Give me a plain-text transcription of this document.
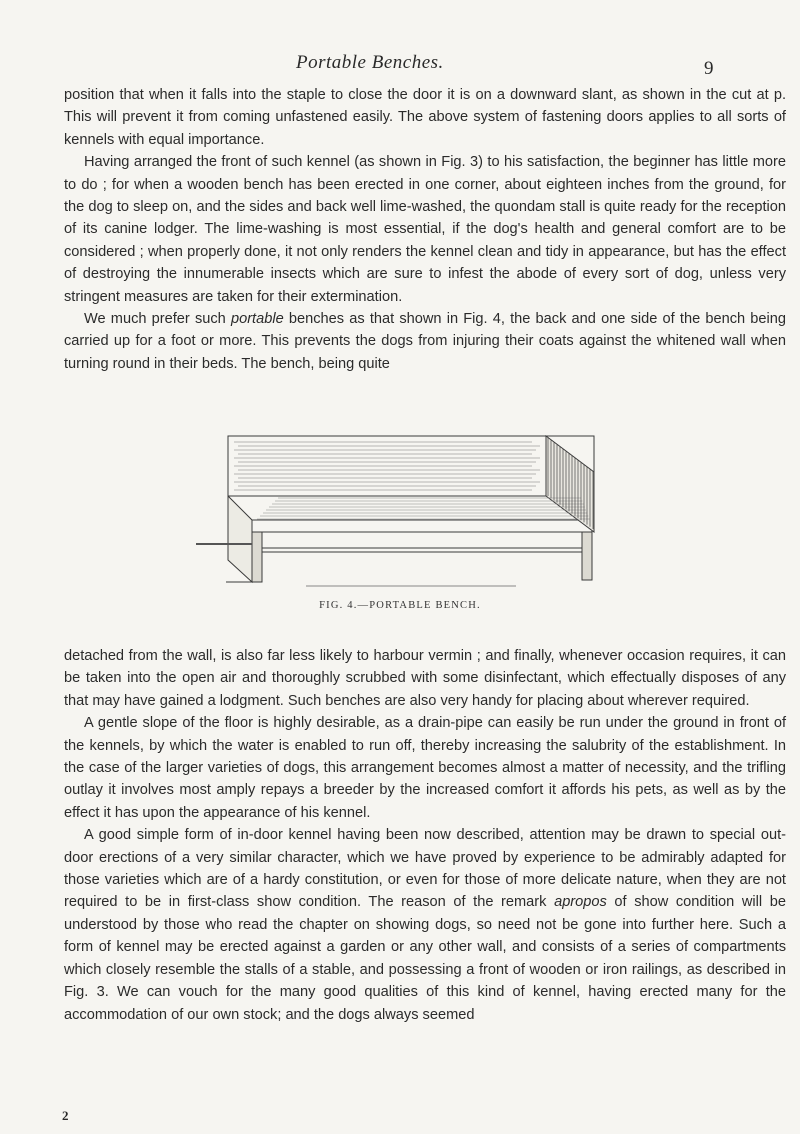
Portable Benches.	9

position that when it falls into the staple to close the door it is on a downward slant, as shown in the cut at p. This will prevent it from coming unfastened easily. The above system of fastening doors applies to all sorts of kennels with equal importance.

Having arranged the front of such kennel (as shown in Fig. 3) to his satisfaction, the beginner has little more to do ; for when a wooden bench has been erected in one corner, about eighteen inches from the ground, for the dog to sleep on, and the sides and back well lime-washed, the quondam stall is quite ready for the reception of its canine lodger. The lime-washing is most essential, if the dog's health and general comfort are to be considered ; when properly done, it not only renders the kennel clean and tidy in appearance, but has the effect of destroying the innumerable insects which are sure to infest the abode of every sort of dog, unless very stringent measures are taken for their extermination.

We much prefer such portable benches as that shown in Fig. 4, the back and one side of the bench being carried up for a foot or more. This prevents the dogs from injuring their coats against the whitened wall when turning round in their beds. The bench, being quite

FIG. 4.—PORTABLE BENCH.

detached from the wall, is also far less likely to harbour vermin ; and finally, whenever occasion requires, it can be taken into the open air and thoroughly scrubbed with some disinfectant, which effectually disposes of any that may have gained a lodgment. Such benches are also very handy for placing about wherever required.

A gentle slope of the floor is highly desirable, as a drain-pipe can easily be run under the ground in front of the kennels, by which the water is enabled to run off, thereby increasing the salubrity of the establishment. In the case of the larger varieties of dogs, this arrangement becomes almost a matter of necessity, and the trifling outlay it involves most amply repays a breeder by the increased comfort it affords his pets, as well as by the effect it has upon the appearance of his kennel.

A good simple form of in-door kennel having been now described, attention may be drawn to special out-door erections of a very similar character, which we have proved by experience to be admirably adapted for those varieties which are of a hardy constitution, or even for those of more delicate nature, when they are not required to be in first-class show condition. The reason of the remark apropos of show condition will be understood by those who read the chapter on showing dogs, so need not be gone into further here. Such a form of kennel may be erected against a garden or any other wall, and consists of a series of compartments which closely resemble the stalls of a stable, and possessing a front of wooden or iron railings, as described in Fig. 3. We can vouch for the many good qualities of this kind of kennel, having erected many for the accommodation of our own stock; and the dogs always seemed

2
